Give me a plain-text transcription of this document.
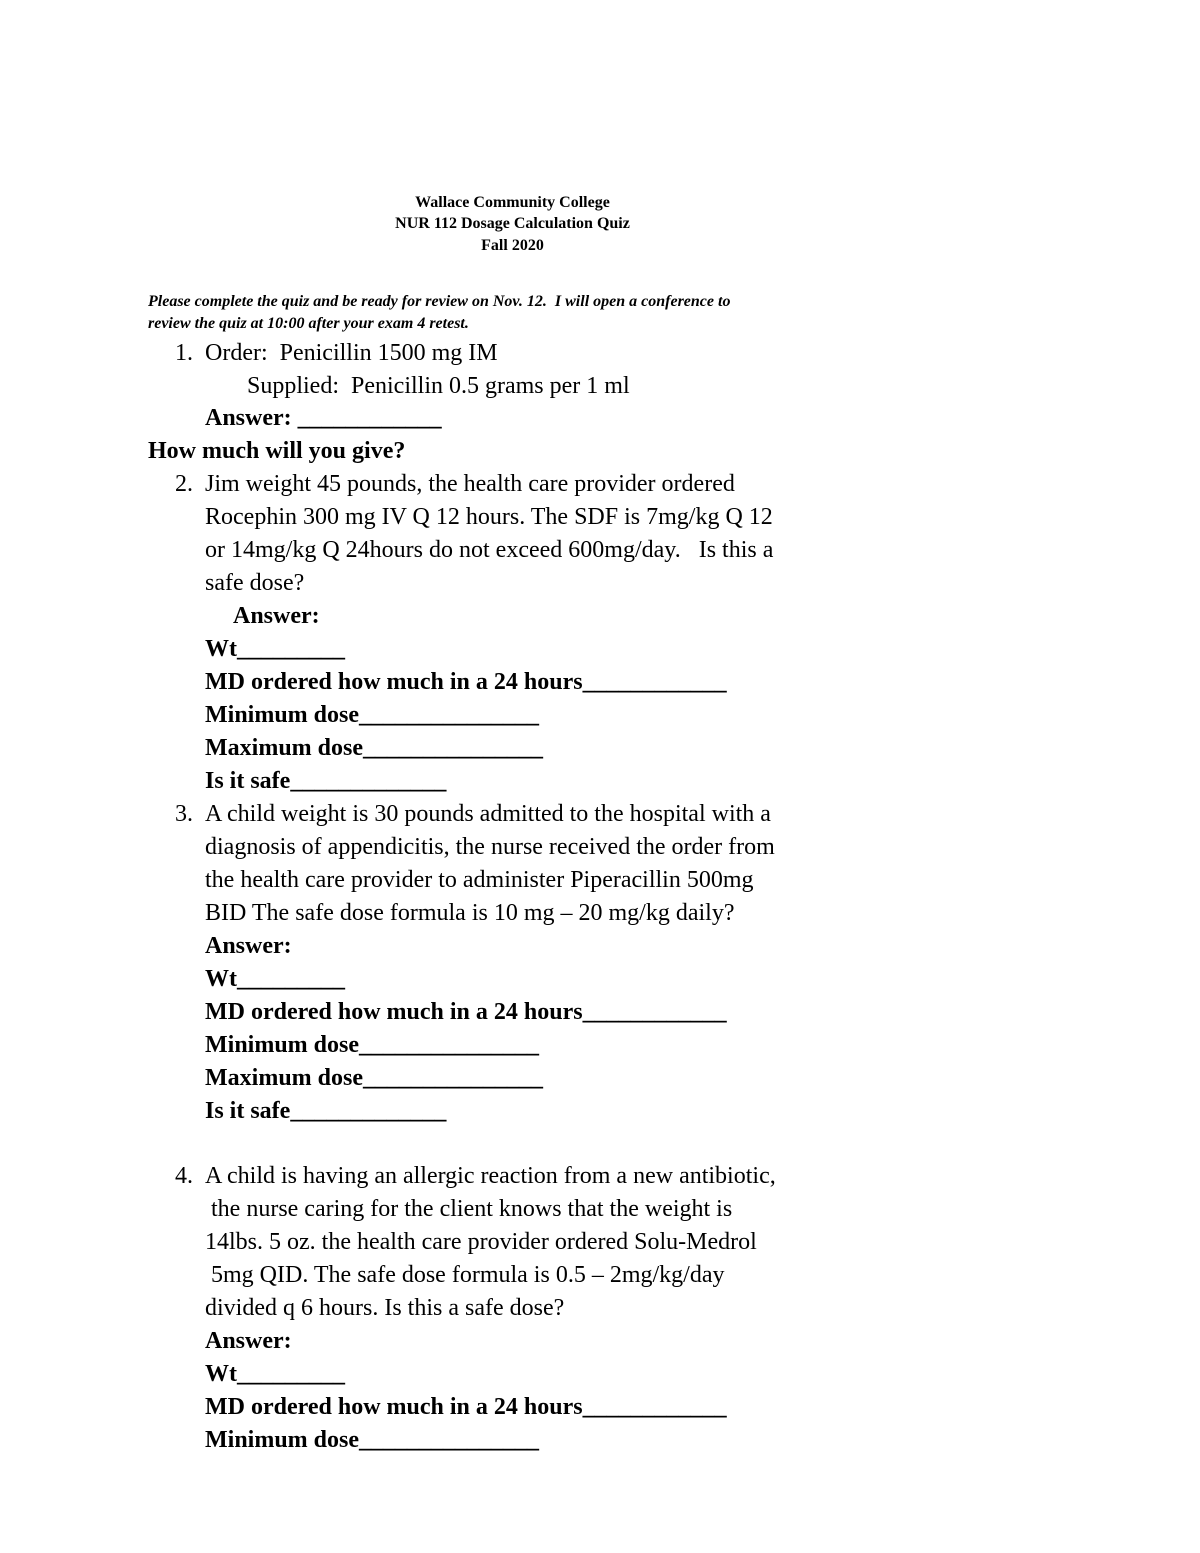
Wallace Community College
NUR 112 Dosage Calculation Quiz
Fall 2020
Please complete the quiz and be ready for review on Nov. 12.  I will open a conference to
review the quiz at 10:00 after your exam 4 retest.
1. Order:  Penicillin 1500 mg IM
Supplied:  Penicillin 0.5 grams per 1 ml
Answer: ____________
How much will you give?
2. Jim weight 45 pounds, the health care provider ordered
Rocephin 300 mg IV Q 12 hours. The SDF is 7mg/kg Q 12
or 14mg/kg Q 24hours do not exceed 600mg/day.   Is this a
safe dose?
Answer:
Wt_________
MD ordered how much in a 24 hours____________
Minimum dose_______________
Maximum dose_______________
Is it safe_____________
3. A child weight is 30 pounds admitted to the hospital with a
diagnosis of appendicitis, the nurse received the order from
the health care provider to administer Piperacillin 500mg
BID The safe dose formula is 10 mg – 20 mg/kg daily?
Answer:
Wt_________
MD ordered how much in a 24 hours____________
Minimum dose_______________
Maximum dose_______________
Is it safe_____________
4. A child is having an allergic reaction from a new antibiotic,
the nurse caring for the client knows that the weight is
14lbs. 5 oz. the health care provider ordered Solu-Medrol
5mg QID. The safe dose formula is 0.5 – 2mg/kg/day
divided q 6 hours. Is this a safe dose?
Answer:
Wt_________
MD ordered how much in a 24 hours____________
Minimum dose_______________
